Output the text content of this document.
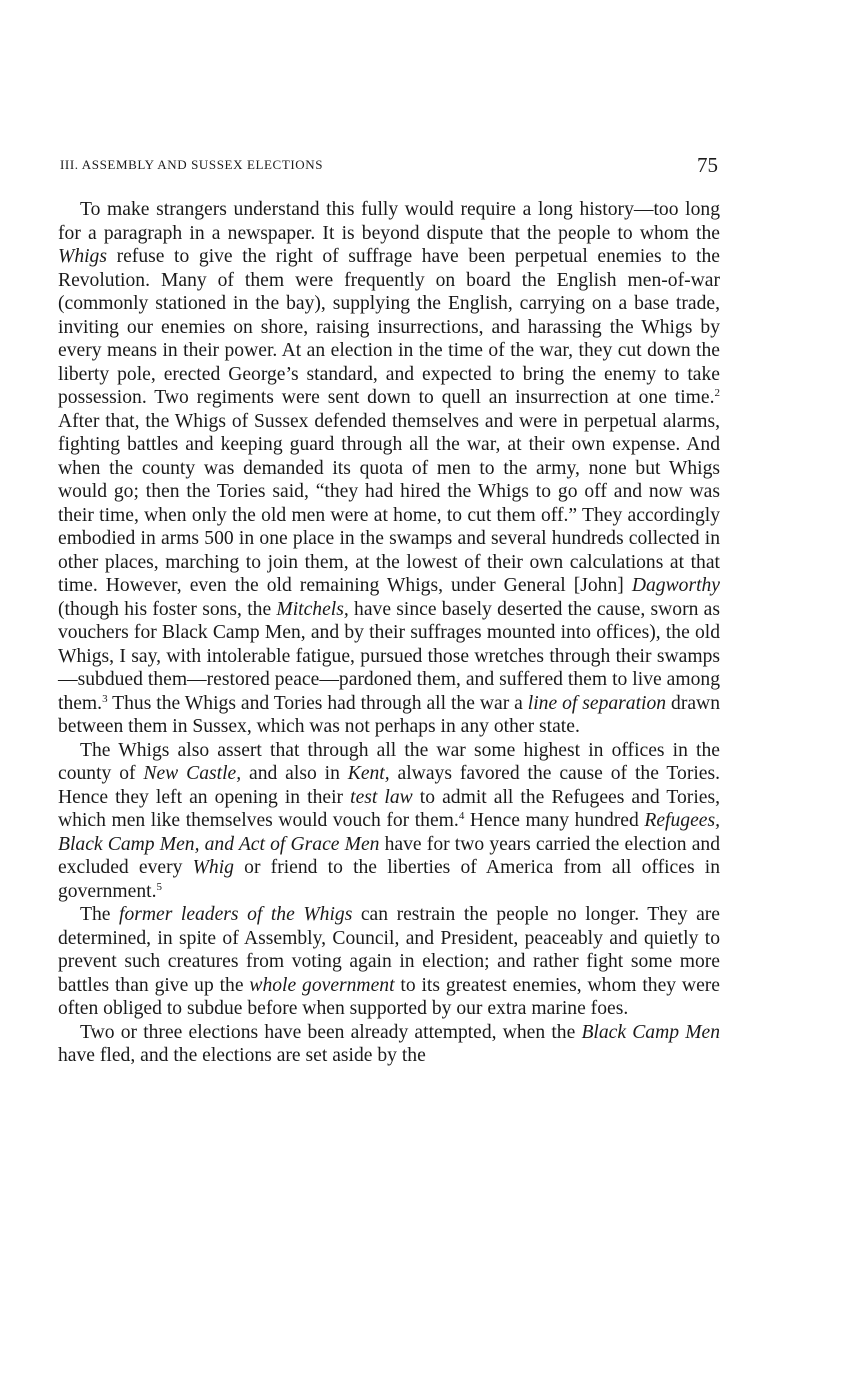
III. ASSEMBLY AND SUSSEX ELECTIONS	75

To make strangers understand this fully would require a long history—too long for a paragraph in a newspaper. It is beyond dispute that the people to whom the Whigs refuse to give the right of suffrage have been perpetual enemies to the Revolution. Many of them were frequently on board the English men-of-war (commonly stationed in the bay), supplying the English, carrying on a base trade, inviting our enemies on shore, raising insurrections, and harassing the Whigs by every means in their power. At an election in the time of the war, they cut down the liberty pole, erected George’s standard, and expected to bring the enemy to take possession. Two regiments were sent down to quell an insurrection at one time.$^2$ After that, the Whigs of Sussex defended themselves and were in perpetual alarms, fighting battles and keeping guard through all the war, at their own expense. And when the county was demanded its quota of men to the army, none but Whigs would go; then the Tories said, “they had hired the Whigs to go off and now was their time, when only the old men were at home, to cut them off.” They accordingly embodied in arms 500 in one place in the swamps and several hundreds collected in other places, marching to join them, at the lowest of their own calculations at that time. However, even the old remaining Whigs, under General [John] Dagworthy (though his foster sons, the Mitchels, have since basely deserted the cause, sworn as vouchers for Black Camp Men, and by their suffrages mounted into offices), the old Whigs, I say, with intolerable fatigue, pursued those wretches through their swamps—subdued them—restored peace—pardoned them, and suffered them to live among them.$^3$ Thus the Whigs and Tories had through all the war a line of separation drawn between them in Sussex, which was not perhaps in any other state.

The Whigs also assert that through all the war some highest in offices in the county of New Castle, and also in Kent, always favored the cause of the Tories. Hence they left an opening in their test law to admit all the Refugees and Tories, which men like themselves would vouch for them.$^4$ Hence many hundred Refugees, Black Camp Men, and Act of Grace Men have for two years carried the election and excluded every Whig or friend to the liberties of America from all offices in government.$^5$

The former leaders of the Whigs can restrain the people no longer. They are determined, in spite of Assembly, Council, and President, peaceably and quietly to prevent such creatures from voting again in election; and rather fight some more battles than give up the whole government to its greatest enemies, whom they were often obliged to subdue before when supported by our extra marine foes.

Two or three elections have been already attempted, when the Black Camp Men have fled, and the elections are set aside by the
